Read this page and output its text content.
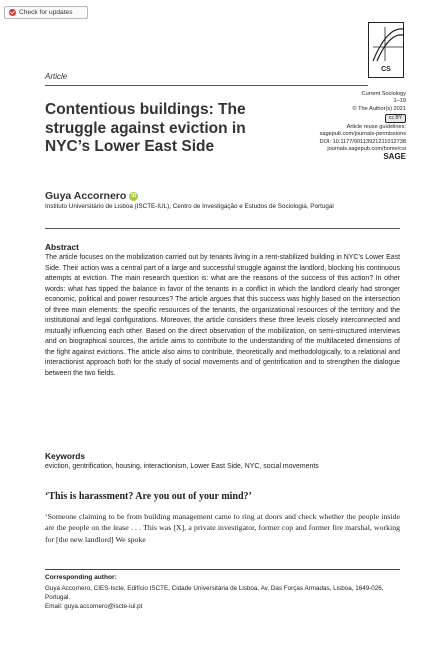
Check for updates
CS
Article
Contentious buildings: The struggle against eviction in NYC’s Lower East Side
Current Sociology
1–19
© The Author(s) 2021
cc BY
Article reuse guidelines:
sagepub.com/journals-permissions
DOI: 10.1177/00113921211012738
journals.sagepub.com/home/csi
SAGE
Guya Accornero	iD
Instituto Universitário de Lisboa (ISCTE-IUL), Centro de Investigação e Estudos de Sociologia, Portugal
Abstract
The article focuses on the mobilization carried out by tenants living in a rent-stabilized building in NYC’s Lower East Side. Their action was a central part of a large and successful struggle against the landlord, blocking his continuous attempts at eviction. The main research question is: what are the reasons of the success of this action? In other words: what has tipped the balance in favor of the tenants in a conflict in which the landlord clearly had stronger economic, political and power resources? The article argues that this success was highly based on the intersection of three main elements: the specific resources of the tenants, the organizational resources of the territory and the institutional and legal configurations. Moreover, the article considers these three levels closely interconnected and mutually influencing each other. Based on the direct observation of the mobilization, on semi-structured interviews and on biographical sources, the article aims to contribute to the understanding of the multifaceted dimensions of the fight against evictions. The article also aims to contribute, theoretically and methodologically, to a relational and interactionist approach both for the study of social movements and of gentrification and to strengthen the dialogue between the two fields.
Keywords
eviction, gentrification, housing, interactionism, Lower East Side, NYC, social movements
‘This is harassment? Are you out of your mind?’
‘Someone claiming to be from building management came to ring at doors and check whether the people inside are the people on the lease . . . This was [X], a private investigator, former cop and former fire marshal, working for [the new landlord] We spoke
Corresponding author:
Guya Accornero, CIES-Iscte, Edifício ISCTE, Cidade Universitária de Lisboa, Av. Das Forças Armadas, Lisboa, 1649-026, Portugal.
Email: guya.accornero@iscte-iul.pt
